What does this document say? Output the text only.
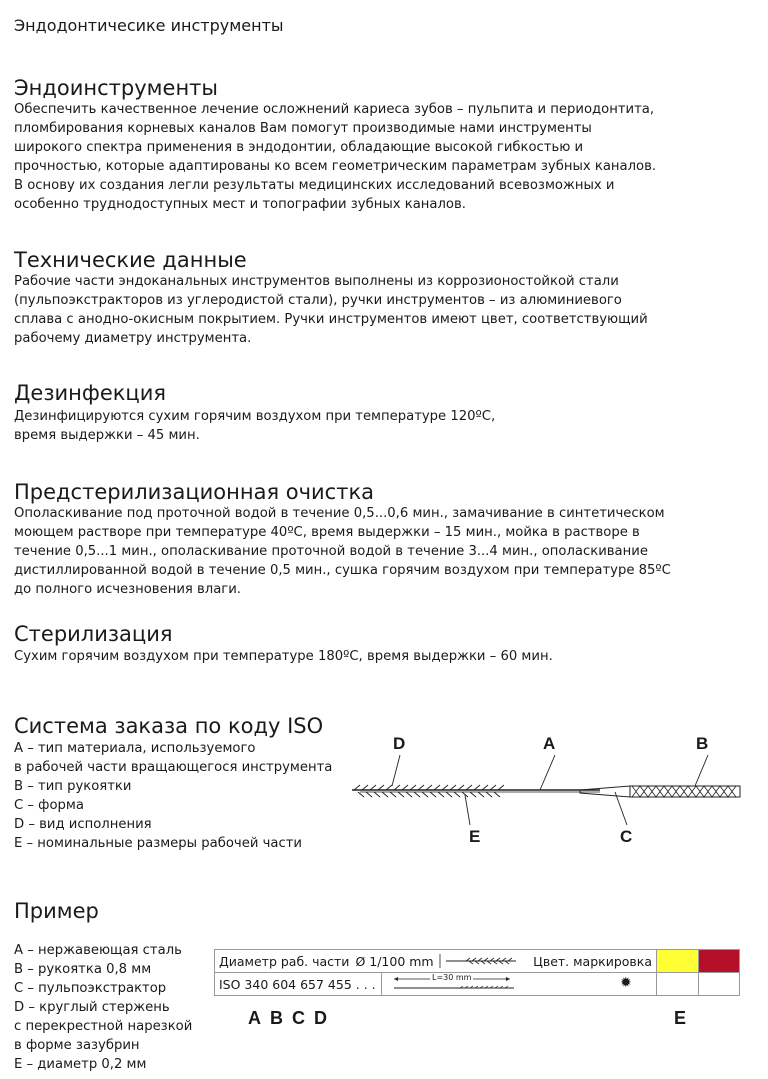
Эндодонтичесике инструменты
Эндоинструменты
Обеспечить качественное лечение осложнений кариеса зубов – пульпита и периодонтита,
пломбирования корневых каналов Вам помогут производимые нами инструменты
широкого спектра применения в эндодонтии, обладающие высокой гибкостью и
прочностью, которые адаптированы ко всем геометрическим параметрам зубных каналов.
В основу их создания легли результаты медицинских исследований всевозможных и
особенно труднодоступных мест и топографии зубных каналов.
Технические данные
Рабочие части эндоканальных инструментов выполнены из коррозионостойкой стали
(пульпоэкстракторов из углеродистой стали), ручки инструментов – из алюминиевого
сплава с анодно-окисным покрытием. Ручки инструментов имеют цвет, соответствующий
рабочему диаметру инструмента.
Дезинфекция
Дезинфицируются сухим горячим воздухом при температуре 120ºС,
время выдержки – 45 мин.
Предстерилизационная очистка
Ополаскивание под проточной водой в течение 0,5...0,6 мин., замачивание в синтетическом
моющем растворе при температуре 40ºС, время выдержки – 15 мин., мойка в растворе в
течение 0,5...1 мин., ополаскивание проточной водой в течение 3...4 мин., ополаскивание
дистиллированной водой в течение 0,5 мин., сушка горячим воздухом при температуре 85ºС
до полного исчезновения влаги.
Стерилизация
Сухим горячим воздухом при температуре 180ºС, время выдержки – 60 мин.
Система заказа по коду ISO
А – тип материала, используемого
в рабочей части вращающегося инструмента
В – тип рукоятки
С – форма
D – вид исполнения
Е – номинальные размеры рабочей части
D	A	B
E	C
Пример
А – нержавеющая сталь
В – рукоятка 0,8 мм
С – пульпоэкстрактор
D – круглый стержень
с перекрестной нарезкой
в форме зазубрин
Е – диаметр 0,2 мм
Диаметр раб. части Ø 1/100 mm Цвет. маркировка			

ISO 340 604 657 455 . . .	L=30 mm ✹		

A B C D	E
